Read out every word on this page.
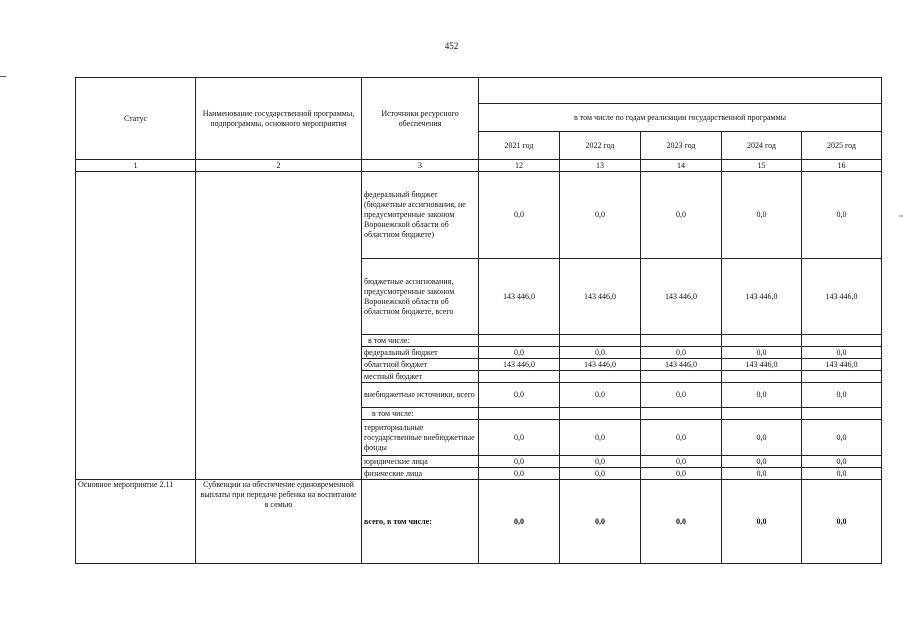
452
Статус	Наименование государственной программы, подпрограммы, основного мероприятия	Источники ресурсного обеспечения					
			в том числе по годам реализации государственной программы				
			2021 год	2022 год	2023 год	2024 год	2025 год
1	2	3	12	13	14	15	16
		федеральный бюджет (бюджетные ассигнования, не предусмотренные законом Воронежской области об областном бюджете)	0,0	0,0	0,0	0,0	0,0
		бюджетные ассигнования, предусмотренные законом Воронежской области об областном бюджете, всего	143 446,0	143 446,0	143 446,0	143 446,0	143 446,0
		в том числе:					
		федеральный бюджет	0,0	0,0	0,0	0,0	0,0
		областной бюджет	143 446,0	143 446,0	143 446,0	143 446,0	143 446,0
		местный бюджет					
		внебюджетные источники, всего	0,0	0,0	0,0	0,0	0,0
		в том числе:					
		территориальные государственные внебюджетные фонды	0,0	0,0	0,0	0,0	0,0
		юридические лица	0,0	0,0	0,0	0,0	0,0
		физические лица	0,0	0,0	0,0	0,0	0,0
Основное мероприятие 2.11	Субвенции на обеспечение единовременной выплаты при передаче ребенка на воспитание в семью	всего, в том числе:	0,0	0,0	0,0	0,0	0,0
